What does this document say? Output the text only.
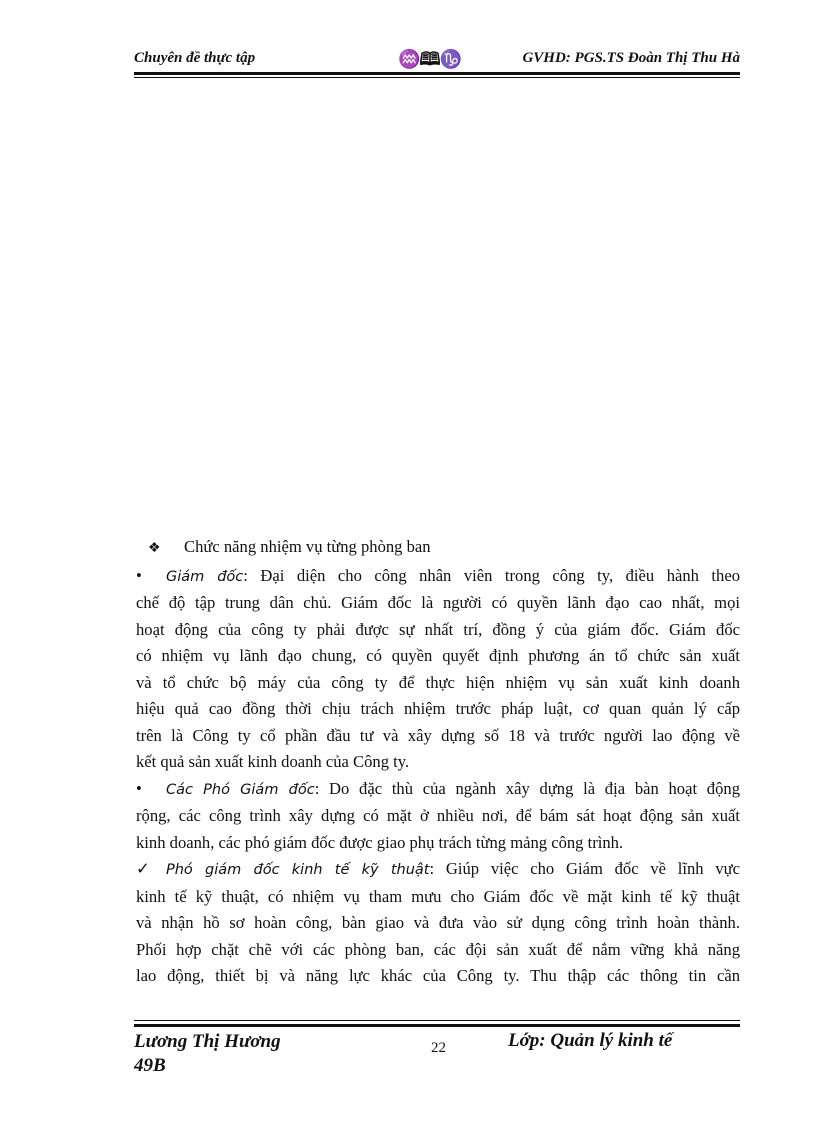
Chuyên đề thực tập	♒🕮♑	GVHD: PGS.TS Đoàn Thị Thu Hà

❖ Chức năng nhiệm vụ từng phòng ban

• Giám đốc: Đại diện cho công nhân viên trong công ty, điều hành theo

chế độ tập trung dân chủ. Giám đốc là người có quyền lãnh đạo cao nhất, mọi

hoạt động của công ty phải được sự nhất trí, đồng ý của giám đốc. Giám đốc

có nhiệm vụ lãnh đạo chung, có quyền quyết định phương án tổ chức sản xuất

và tổ chức bộ máy của công ty để thực hiện nhiệm vụ sản xuất kinh doanh

hiệu quả cao đồng thời chịu trách nhiệm trước pháp luật, cơ quan quản lý cấp

trên là Công ty cổ phần đầu tư và xây dựng số 18 và trước người lao động về

kết quả sản xuất kinh doanh của Công ty.

• Các Phó Giám đốc: Do đặc thù của ngành xây dựng là địa bàn hoạt động

rộng, các công trình xây dựng có mặt ở nhiều nơi, để bám sát hoạt động sản xuất

kinh doanh, các phó giám đốc được giao phụ trách từng mảng công trình.

✓ Phó giám đốc kinh tế kỹ thuật: Giúp việc cho Giám đốc về lĩnh vực

kinh tế kỹ thuật, có nhiệm vụ tham mưu cho Giám đốc về mặt kinh tế kỹ thuật

và nhận hồ sơ hoàn công, bàn giao và đưa vào sử dụng công trình hoàn thành.

Phối hợp chặt chẽ với các phòng ban, các đội sản xuất để nắm vững khả năng

lao động, thiết bị và năng lực khác của Công ty. Thu thập các thông tin cần

Lương Thị Hương
49B
22	Lớp: Quản lý kinh tế
